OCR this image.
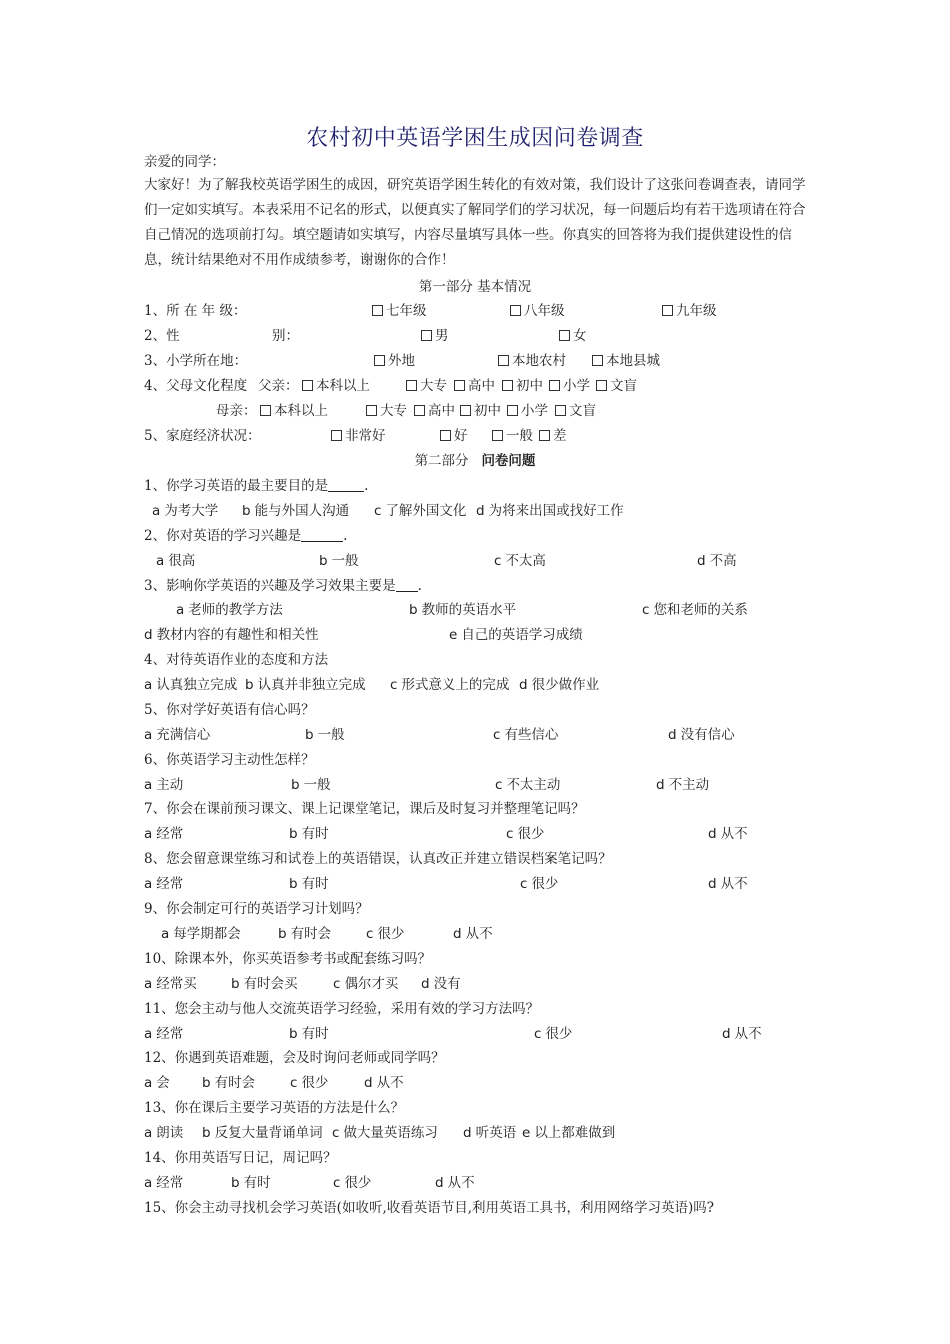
农村初中英语学困生成因问卷调查
亲爱的同学：
大家好！为了解我校英语学困生的成因，研究英语学困生转化的有效对策，我们设计了这张问卷调查表，请同学们一定如实填写。本表采用不记名的形式，以便真实了解同学们的学习状况，每一问题后均有若干选项请在符合自己情况的选项前打勾。填空题请如实填写，内容尽量填写具体一些。你真实的回答将为我们提供建设性的信息，统计结果绝对不用作成绩参考，谢谢你的合作！
第一部分 基本情况
1、所 在 年 级：	七年级	八年级	九年级
2、性	别：	男	女
3、小学所在地：	外地	本地农村	本地县城
4、父母文化程度 父亲：	本科以上	大专	高中	初中	小学	文盲
母亲：	本科以上	大专	高中	初中	小学	文盲
5、家庭经济状况：	非常好	好	一般	差
第二部分 问卷问题
1、你学习英语的最主要目的是	.
a 为考大学 b 能与外国人沟通 c 了解外国文化 d 为将来出国或找好工作
2、你对英语的学习兴趣是	.
a 很高	b 一般	c 不太高	d 不高
3、影响你学英语的兴趣及学习效果主要是 .
a 老师的教学方法	b 教师的英语水平	c 您和老师的关系
d 教材内容的有趣性和相关性	e 自己的英语学习成绩
4、对待英语作业的态度和方法
a 认真独立完成 b 认真并非独立完成 c 形式意义上的完成 d 很少做作业
5、你对学好英语有信心吗？
a 充满信心	b 一般	c 有些信心	d 没有信心
6、你英语学习主动性怎样？
a 主动	b 一般	c 不太主动	d 不主动
7、你会在课前预习课文、课上记课堂笔记，课后及时复习并整理笔记吗？
a 经常	b 有时	c 很少	d 从不
8、您会留意课堂练习和试卷上的英语错误，认真改正并建立错误档案笔记吗？
a 经常	b 有时	c 很少	d 从不
9、你会制定可行的英语学习计划吗？
a 每学期都会	b 有时会	c 很少	d 从不
10、除课本外，你买英语参考书或配套练习吗？
a 经常买	b 有时会买	c 偶尔才买 d 没有
11、您会主动与他人交流英语学习经验，采用有效的学习方法吗？
a 经常	b 有时	c 很少	d 从不
12、你遇到英语难题，会及时询问老师或同学吗？
a 会 b 有时会	c 很少	d 从不
13、你在课后主要学习英语的方法是什么？
a 朗读 b 反复大量背诵单词 c 做大量英语练习 d 听英语 e 以上都难做到
14、你用英语写日记，周记吗？
a 经常	b 有时	c 很少	d 从不
15、你会主动寻找机会学习英语(如收听,收看英语节目,利用英语工具书，利用网络学习英语)吗?
